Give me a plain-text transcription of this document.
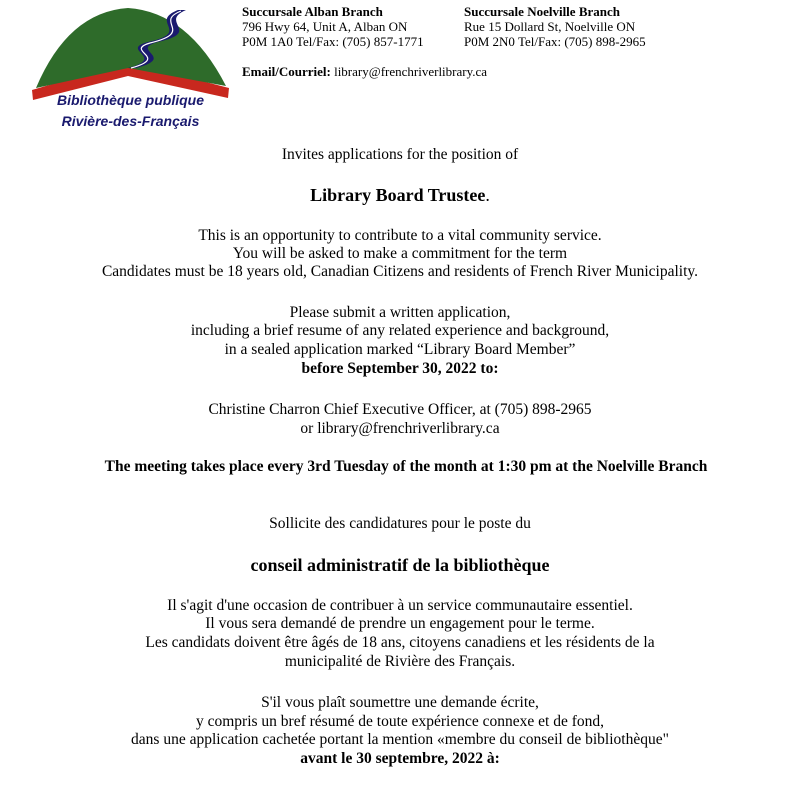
Bibliothèque publique
Rivière-des-Français
Succursale Alban Branch
796 Hwy 64, Unit A, Alban ON
P0M 1A0 Tel/Fax: (705) 857-1771
Succursale Noelville Branch
Rue 15 Dollard St, Noelville ON
P0M 2N0 Tel/Fax: (705) 898-2965
Email/Courriel: library@frenchriverlibrary.ca
Invites applications for the position of
Library Board Trustee.
This is an opportunity to contribute to a vital community service.
You will be asked to make a commitment for the term
Candidates must be 18 years old, Canadian Citizens and residents of French River Municipality.
Please submit a written application,
including a brief resume of any related experience and background,
in a sealed application marked “Library Board Member”
before September 30, 2022 to:
Christine Charron Chief Executive Officer, at (705) 898-2965
or library@frenchriverlibrary.ca
The meeting takes place every 3rd Tuesday of the month at 1:30 pm at the Noelville Branch
Sollicite des candidatures pour le poste du
conseil administratif de la bibliothèque
Il s'agit d'une occasion de contribuer à un service communautaire essentiel.
Il vous sera demandé de prendre un engagement pour le terme.
Les candidats doivent être âgés de 18 ans, citoyens canadiens et les résidents de la
municipalité de Rivière des Français.
S'il vous plaît soumettre une demande écrite,
y compris un bref résumé de toute expérience connexe et de fond,
dans une application cachetée portant la mention «membre du conseil de bibliothèque"
avant le 30 septembre, 2022 à:
